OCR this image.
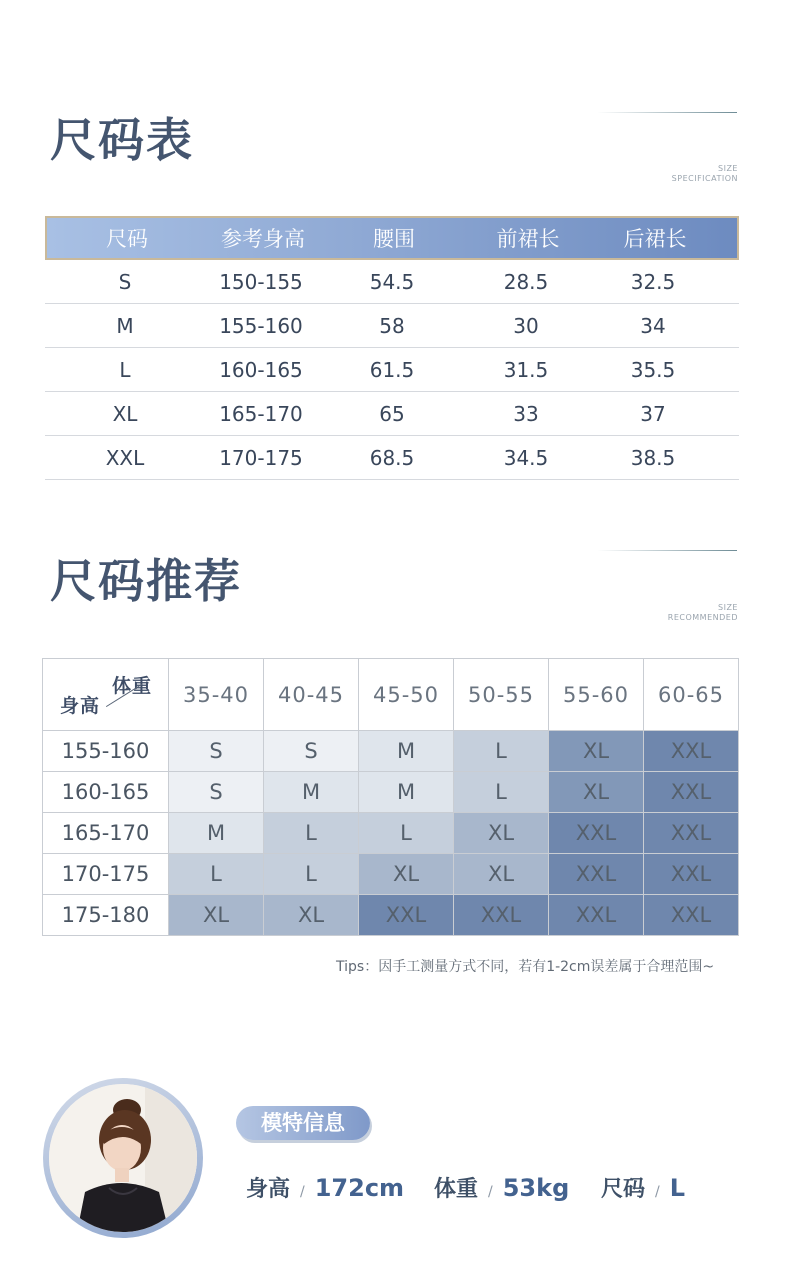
尺码表
SIZE
SPECIFICATION
尺码	参考身高	腰围	前裙长	后裙长
S	150-155	54.5	28.5	32.5
M	155-160	58	30	34
L	160-165	61.5	31.5	35.5
XL	165-170	65	33	37
XXL	170-175	68.5	34.5	38.5
尺码推荐	SIZE
RECOMMENDED
体重
身高	35-40	40-45	45-50	50-55	55-60	60-65
155-160	S	S	M	L	XL	XXL
160-165	S	M	M	L	XL	XXL
165-170	M	L	L	XL	XXL	XXL
170-175	L	L	XL	XL	XXL	XXL
175-180	XL	XL	XXL	XXL	XXL	XXL
Tips：因手工测量方式不同，若有1-2cm误差属于合理范围~
模特信息
身高 / 172cm 体重 / 53kg 尺码 / L
